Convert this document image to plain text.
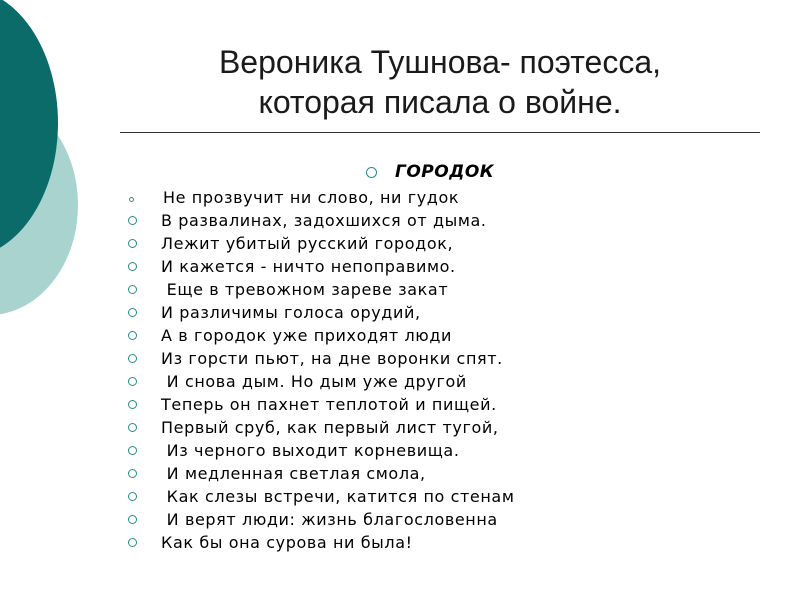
Вероника Тушнова- поэтесса,
которая писала о войне.
ГОРОДОК
Не прозвучит ни слово, ни гудок
В развалинах, задохшихся от дыма.
Лежит убитый русский городок,
И кажется - ничто непоправимо.
Еще в тревожном зареве закат
И различимы голоса орудий,
А в городок уже приходят люди
Из горсти пьют, на дне воронки спят.
И снова дым. Но дым уже другой
Теперь он пахнет теплотой и пищей.
Первый сруб, как первый лист тугой,
Из черного выходит корневища.
И медленная светлая смола,
Как слезы встречи, катится по стенам
И верят люди: жизнь благословенна
Как бы она сурова ни была!
